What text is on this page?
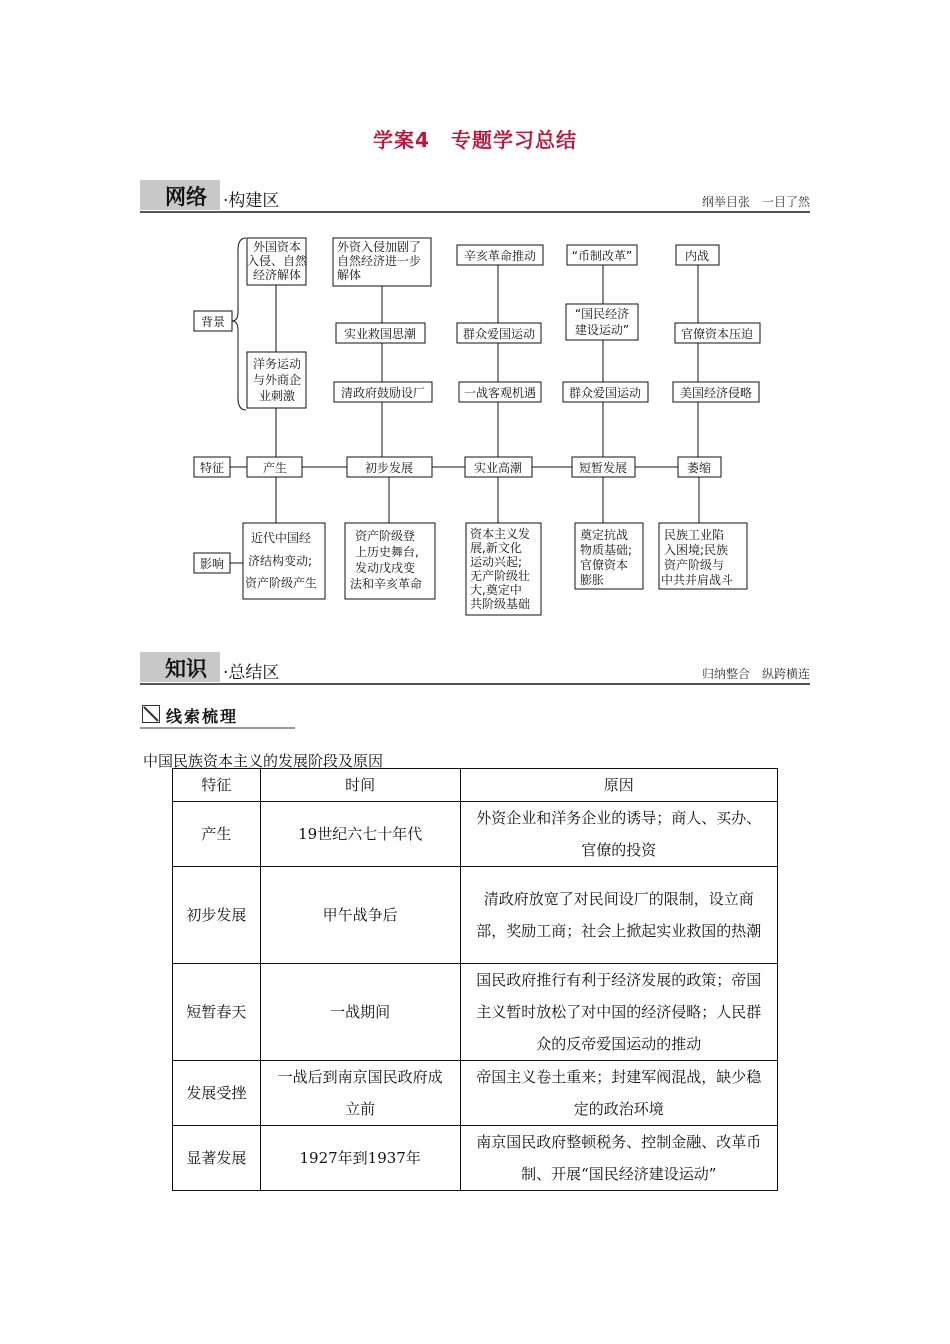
学案4　专题学习总结
网络 ·构建区	纲举目张　一目了然
背景
特征
影响
外国资本
入侵、自然
经济解体
洋务运动
与外商企
业刺激
外资入侵加剧了
自然经济进一步
解体
实业救国思潮
清政府鼓励设厂
辛亥革命推动
群众爱国运动
一战客观机遇
“币制改革”
“国民经济
建设运动”
群众爱国运动
内战
官僚资本压迫
美国经济侵略
产生	初步发展	实业高潮	短暂发展	萎缩
近代中国经
济结构变动;
资产阶级产生
资产阶级登
上历史舞台,
发动戊戌变
法和辛亥革命
资本主义发
展,新文化
运动兴起;
无产阶级壮
大,奠定中
共阶级基础
奠定抗战
物质基础;
官僚资本
膨胀
民族工业陷
入困境;民族
资产阶级与
中共并肩战斗
知识 ·总结区	归纳整合　纵跨横连
线索梳理
中国民族资本主义的发展阶段及原因
特征	时间	原因
产生	19世纪六七十年代	外资企业和洋务企业的诱导；商人、买办、官僚的投资
初步发展	甲午战争后	清政府放宽了对民间设厂的限制，设立商部，奖励工商；社会上掀起实业救国的热潮
短暂春天	一战期间	国民政府推行有利于经济发展的政策；帝国主义暂时放松了对中国的经济侵略；人民群众的反帝爱国运动的推动
发展受挫	一战后到南京国民政府成立前	帝国主义卷土重来；封建军阀混战，缺少稳定的政治环境
显著发展	1927年到1937年	南京国民政府整顿税务、控制金融、改革币制、开展“国民经济建设运动”
